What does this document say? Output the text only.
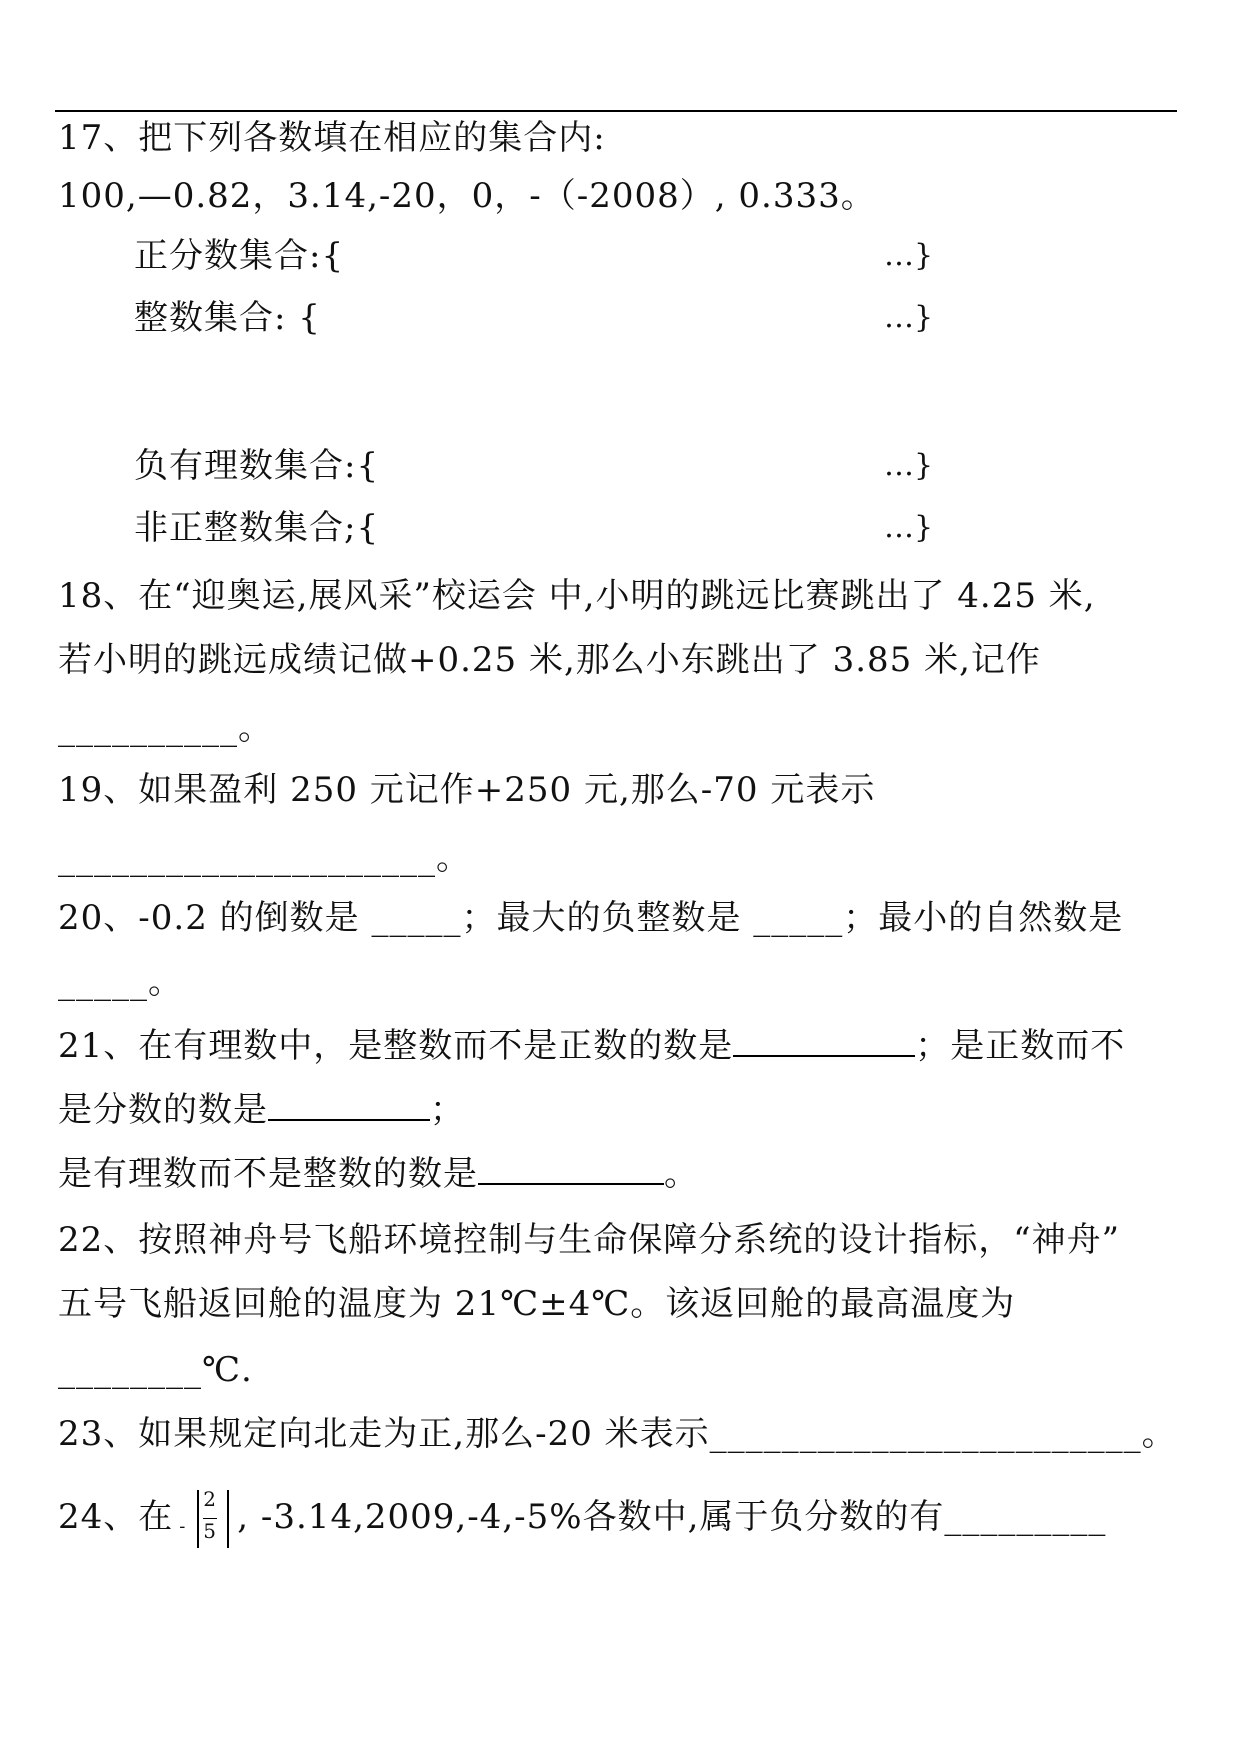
17、把下列各数填在相应的集合内:
100,—0.82，3.14,-20，0，-（-2008）, 0.333。
正分数集合:{	…}
整数集合: {	…}
负有理数集合:{	…}
非正整数集合;{	…}
18、在“迎奥运,展风采”校运会 中,小明的跳远比赛跳出了 4.25 米,
若小明的跳远成绩记做+0.25 米,那么小东跳出了 3.85 米,记作
__________。
19、如果盈利 250 元记作+250 元,那么-70 元表示
_____________________。
20、-0.2 的倒数是 _____；最大的负整数是 _____；最小的自然数是
_____。
21、在有理数中，是整数而不是正数的数是	；是正数而不
是分数的数是	；
是有理数而不是整数的数是	。
22、按照神舟号飞船环境控制与生命保障分系统的设计指标，“神舟”
五号飞船返回舱的温度为 21℃±4℃。该返回舱的最高温度为
________℃.
23、如果规定向北走为正,那么-20 米表示________________________。
24、在 -
2
5 , -3.14,2009,-4,-5%各数中,属于负分数的有_________
